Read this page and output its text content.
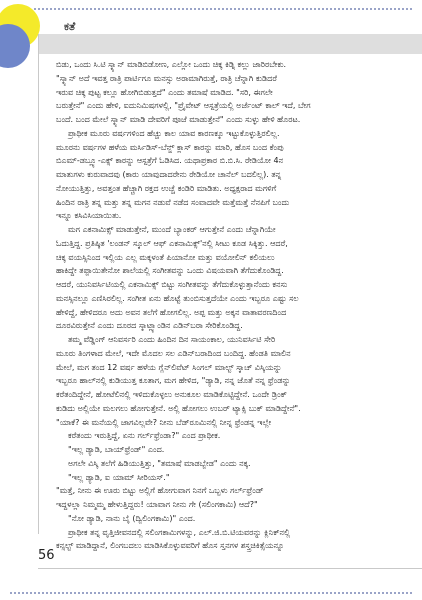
ಕತೆ
ಬಿಡು, ಒಂದು ಸಿ.ಟಿ ಸ್ಕ್ಯಾನ್ ಮಾಡಿಬಿಡೋಣ, ಎಲ್ಲೋ ಒಂದು ಚಿಕ್ಕ ಕಿಡ್ನಿ ಕಲ್ಲು ಜಾರಿರಬೇಕು.
"ಸ್ಕ್ಯಾನ್ ಅದೆ ಇವತ್ತ ರಾತ್ರಿ ಪಾರ್ಟಿಗೂ ಮನಸ್ಸು ಅರಾಮಾಗಿರುತ್ತೆ, ರಾತ್ರಿ ಚೆನ್ನಾಗಿ ಕುಡಿದರೆ
ಇರುವ ಚಿಕ್ಕ ಪುಟ್ಟ ಕಲ್ಲೂ ಹೋಗಿಬಿಡುತ್ತದೆ" ಎಂದು ತಮಾಷೆ ಮಾಡಿದ. "ಸರಿ, ಈಗಲೇ
ಬರುತ್ತೇನೆ" ಎಂದು ಹೇಳಿ, ಐದುನಿಮಿಷಗಳಲ್ಲಿ, "ಪ್ರೈವೇಟ್ ಆಸ್ಪತ್ರೆಯಲ್ಲಿ ಅರ್ಜೆಂಟ್ ಕಾಲ್ ಇದೆ, ಬೇಗ
ಬಂದೆ. ಬಂದ ಮೇಲೆ ಸ್ಕ್ಯಾನ್ ಮಾಡಿ ದೇವರಿಗೆ ಪೂಜೆ ಮಾಡುತ್ತೇನೆ" ಎಂದು ಸುಳ್ಳು ಹೇಳಿ ಹೊರಟ.
ಪ್ರಾಥೀಕ ಮೂರು ವರ್ಷಗಳಿಂದ ಹೆಚ್ಚು ಕಾಲ ಯಾವ ಕಾರಣಕ್ಕೂ ಇಟ್ಟುಕೊಳ್ಳುತ್ತಿರಲಿಲ್ಲ.
ಮೂರನು ವರ್ಷಗಳ ಹಳೆಯ ಮರ್ಸಿಡಿಸ್-ಬೆನ್ಜ್ ಕ್ಲಾಸ್ ಕಾರನ್ನು ಮಾರಿ, ಹೊಸ ಬಂದ ಕೆಂಪು
ಬಿಎಮ್-ಡಬ್ಲ್ಯೂ-ಎಕ್ಸ್ ಕಾರನ್ನು ಆಸ್ಪತ್ರೆಗೆ ಓಡಿಸಿದ. ಯಥಾಪ್ರಕಾರ ಬಿ.ಬಿ.ಸಿ. ರೇಡಿಯೋ 4ನ
ಮಾತುಗಳು ಕುರುವಾದವು (ಕಾರು ಯಾವುದಾದರೇನು ರೇಡಿಯೋ ಚಾನೆಲ್ ಬದಲಿಲ್ಲ). ತನ್ನ
ನೋಯುತ್ತಿತ್ತು, ಅವತ್ತಂತ ಹೆಚ್ಚಾಗಿ ರಕ್ತದ ಉಚ್ಚೆ ಕಂಡಿರಿ ಮಾಡಿತು. ಅಧ್ಯಕ್ಷರಾದ ಮಗಳಿಗೆ
ಹಿಂದಿನ ರಾತ್ರಿ ತನ್ನ ಮತ್ತು ತನ್ನ ಮಗನ ನಡುವೆ ನಡೆದ ಸಂವಾದವೇ ಮತ್ತೆಮತ್ತೆ ನೆನಪಿಗೆ ಬಂದು
ಇನ್ನೂ ಕಸಿವಿಸಿಯಾಯಿತು.
ಮಗ ಎಕನಾಮಿಕ್ಸ್ ಮಾಡುತ್ತೇನೆ, ಮುಂದೆ ಬ್ಯಾಂಕರ್ ಆಗುತ್ತೇನೆ ಎಂದು ಚೆನ್ನಾಗಿಯೇ
ಓದುತ್ತಿದ್ದ. ಪ್ರತಿಷ್ಠಿತ 'ಲಂಡನ್ ಸ್ಕೂಲ್ ಆಫ್ ಎಕನಾಮಿಕ್ಸ್'ನಲ್ಲಿ ಸೀಟು ಕೂಡ ಸಿಕ್ಕಿತ್ತು. ಆದರೆ,
ಚಿಕ್ಕ ವಯಸ್ಸಿನಿಂದ ಇಲ್ಲಿಯ ಎಲ್ಲ ಮಕ್ಕಳಂತೆ ಪಿಯಾನೋ ಮತ್ತು ವಯೋಲಿನ್ ಕಲಿಯಲು
ಹಾಕಿದ್ದೇ ತಪ್ಪಾಯಿತೇನೋ ಶಾಲೆಯಲ್ಲಿ ಸಂಗೀತವನ್ನು ಒಂದು ವಿಷಯವಾಗಿ ತೆಗೆದುಕೊಂಡಿದ್ದ.
ಆದರೆ, ಯುನಿವರ್ಸಿಟಿಯಲ್ಲಿ ಎಕನಾಮಿಕ್ಸ್ ಬಿಟ್ಟು ಸಂಗೀತವನ್ನು ತೆಗೆದುಕೊಳ್ಳುತ್ತಾನೆಂದು ಕನಸು
ಮನಸ್ಸಿನಲ್ಲೂ ಎಣಿಸಿರಲಿಲ್ಲ. ಸಂಗೀತ ಏನು ಹೊಟ್ಟೆ ತುಂಬಿಸುತ್ತದೆಯೇ ಎಂದು ಇಬ್ಬರೂ ಎಷ್ಟು ಸಲ
ಹೇಳಿದ್ದೆ, ಹೇಳಿದರೂ ಅದು ಅವನ ತಲೆಗೆ ಹೋಗಲಿಲ್ಲ. ಅಪ್ಪ ಮತ್ತು ಅಕ್ಕನ ವಾತಾವರಣದಿಂದ
ದೂರವಿರುತ್ತೇನೆ ಎಂದು ದೂರದ ಸ್ಕಾಟ್ಲ್ಯಾಂಡಿನ ಎಡಿನ್‌ಬರಾ ಸೇರಿಕೊಂಡಿದ್ದ.
ತಮ್ಮ ವೆಡ್ಡಿಂಗ್ ಆನಿವರ್ಸರಿ ಎಂದು ಹಿಂದಿನ ದಿನ ಸಾಯಂಕಾಲ, ಯುನಿವರ್ಸಿಟಿ ಸೇರಿ
ಮೂರು ತಿಂಗಳಾದ ಮೇಲೆ, ಇದೇ ಮೊದಲ ಸಲ ಎಡಿನ್‌ಬರಾದಿಂದ ಬಂದಿದ್ದ. ಹೆಂಡತಿ ಮಾಲಿನ
ಮೇಲೆ, ಮಗ ತಂದ 12 ವರ್ಷ ಹಳೆಯ ಗ್ಲೆನ್‌ಲಿವೆಟ್ ಸಿಂಗಲ್ ಮಾಲ್ಟ್ ಸ್ಕಾಚ್ ವಿಸ್ಕಿಯನ್ನು
ಇಬ್ಬರೂ ಹಾಲ್‌ನಲ್ಲಿ ಕುಡಿಯುತ್ತ ಕೂತಾಗ, ಮಗ ಹೇಳಿದ, "ಡ್ಯಾಡಿ, ನನ್ನ ಜೊತೆ ನನ್ನ ಫ್ರೆಂಡನ್ನು
ಕರೆತಂದಿದ್ದೇನೆ, ಹೋಟೆಲಿನಲ್ಲಿ ಇಳಿದುಕೊಳ್ಳಲು ಅನುಕೂಲ ಮಾಡಿಕೊಟ್ಟಿದ್ದೇನೆ. ಒಂದೇ ಡ್ರಿಂಕ್
ಕುಡಿದು ಅಲ್ಲಿಯೇ ಮಲಗಲು ಹೋಗುತ್ತೇನೆ. ಅಲ್ಲಿ ಹೋಗಲು ಉಬರ್ ಟ್ಯಾಕ್ಸಿ ಬುಕ್ ಮಾಡಿದ್ದೇನೆ".
"ಯಾಕೆ? ಈ ಮನೆಯಲ್ಲಿ ಜಾಗವಿಲ್ಲವೇ? ನೀನು ಬೆಡ್‌ರೂಮಿನಲ್ಲಿ ನೀನ್ನ ಫ್ರೆಂಡನ್ನ ಇಲ್ಲೇ
ಕರೆತಂದು ಇರುತ್ತಿದ್ದೆ, ಏನು ಗರ್ಲ್‌ಫ್ರೆಂಡಾ?" ಎಂದ ಪ್ರಾಥೀಕ.
"ಇಲ್ಲ ಡ್ಯಾಡಿ, ಬಾಯ್‌ಫ್ರೆಂಡ್" ಎಂದ.
ಅಗಲೇ ವಿಸ್ಕಿ ತಲೆಗೆ ಹಿಡಿಯುತ್ತಿತ್ತು, "ತಮಾಷೆ ಮಾಡಬ್ಬೇಡ" ಎಂದು ನಕ್ಕ.
"ಇಲ್ಲ ಡ್ಯಾಡಿ, ಐ ಯಾಮ್ ಸೀರಿಯಸ್."
"ಮತ್ತೆ, ನೀನು ಈ ಊರು ಬಿಟ್ಟು ಅಲ್ಲಿಗೆ ಹೋಗುವಾಗ ನಿನಗೆ ಒಬ್ಬಳು ಗರ್ಲ್‌ಫ್ರೆಂಡ್
ಇದ್ದಳಲ್ಲಾ ನಿಮ್ಮಮ್ಮ ಹೇಳುತ್ತಿದ್ದರು! ಯಾವಾಗ ನೀನು ಗೇ (ಸಲಿಂಗಕಾಮಿ) ಆದೆ?"
"ನೋ ಡ್ಯಾಡಿ, ನಾನು ಬೈ (ದ್ವಿಲಿಂಗಕಾಮಿ)" ಎಂದ.
ಪ್ರಾಥೀಕ ತನ್ನ ವೃತ್ತಿಜೀವನದಲ್ಲಿ ಸಲಿಂಗಕಾಮಿಗಳನ್ನು, ಎಲ್.ಜಿ.ಬಿ.ಟಿಯವರನ್ನು ಕ್ಲಿನಿಕ್‌ನಲ್ಲಿ
ಕನ್ಸಲ್ಟ್ ಮಾಡಿದ್ದಾನೆ, ಲಿಂಗಬದಲು ಮಾಡಿಸಿಕೊಳ್ಳುವವರಿಗೆ ಹೊಸ ಸ್ತನಗಳ ಶಸ್ತ್ರಚಿಕಿತ್ಸೆಯನ್ನೂ
56
